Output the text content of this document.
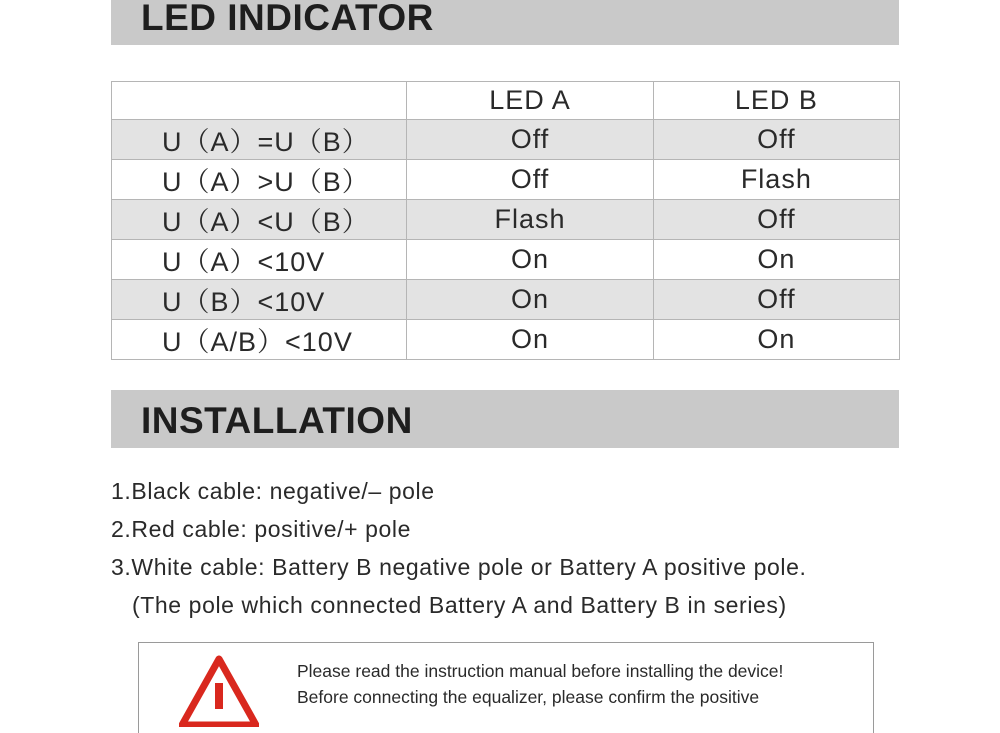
LED INDICATOR
	LED A	LED B
U（A）=U（B）	Off	Off
U（A）>U（B）	Off	Flash
U（A）<U（B）	Flash	Off
U（A）<10V	On	On
U（B）<10V	On	Off
U（A/B）<10V	On	On
INSTALLATION
1.Black cable: negative/– pole
2.Red cable: positive/+ pole
3.White cable: Battery B negative pole or Battery A positive pole.
(The pole which connected Battery A and Battery B in series)
Please read the instruction manual before installing the device!
Before connecting the equalizer, please confirm the positive
